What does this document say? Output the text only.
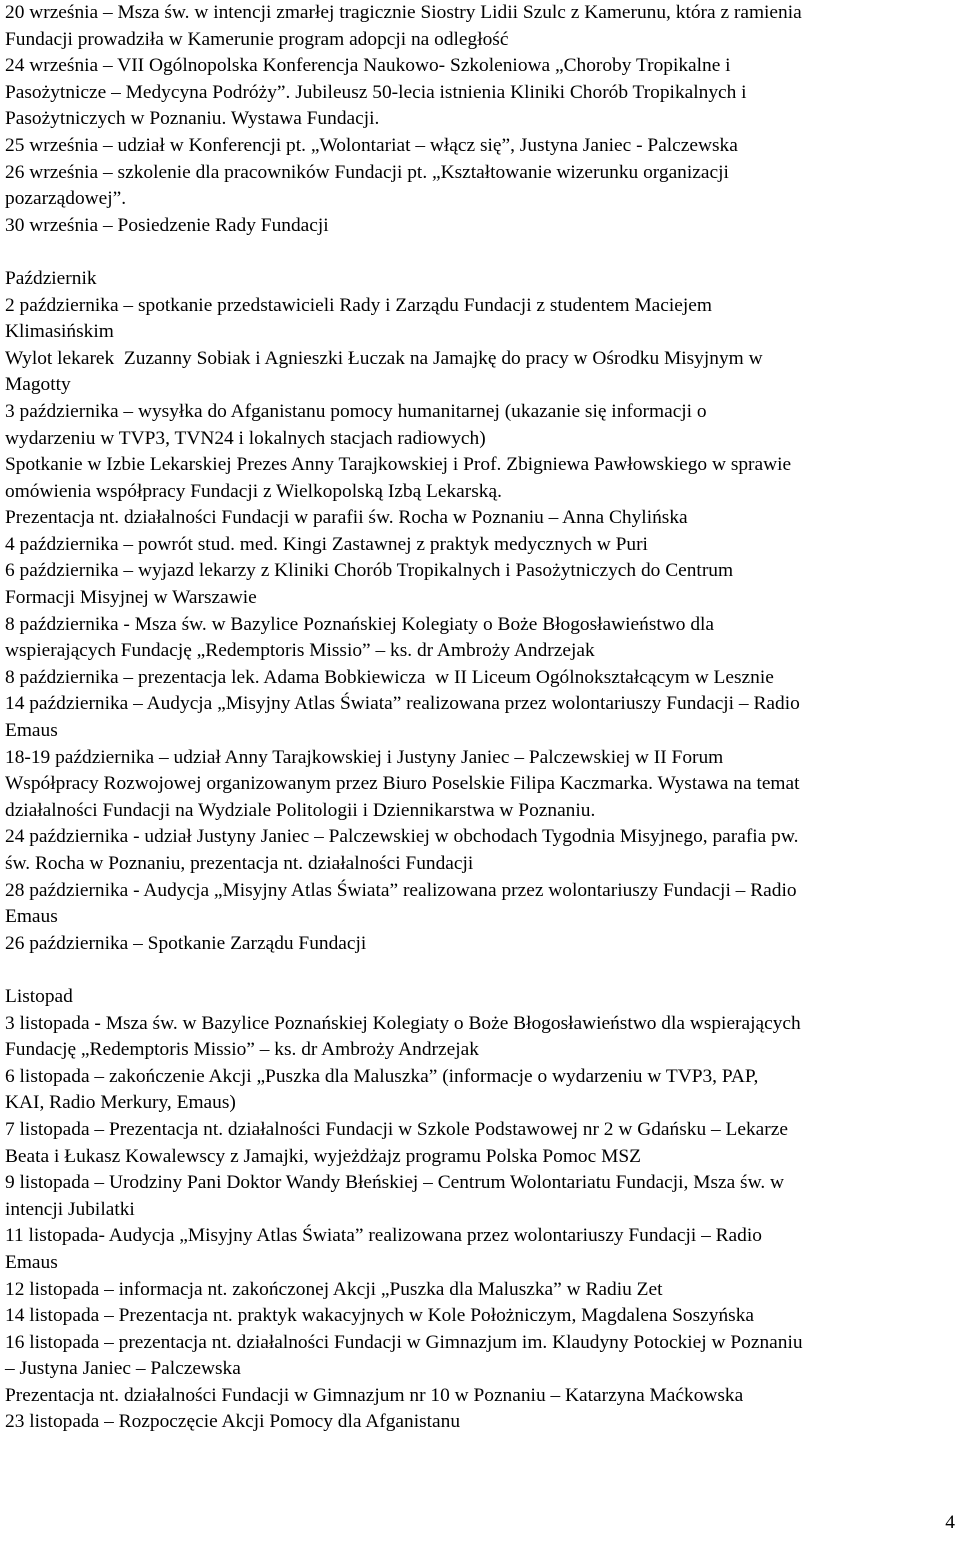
20 września – Msza św. w intencji zmarłej tragicznie Siostry Lidii Szulc z Kamerunu, która z ramienia
Fundacji prowadziła w Kamerunie program adopcji na odległość
24 września – VII Ogólnopolska Konferencja Naukowo- Szkoleniowa „Choroby Tropikalne i
Pasożytnicze – Medycyna Podróży”. Jubileusz 50-lecia istnienia Kliniki Chorób Tropikalnych i
Pasożytniczych w Poznaniu. Wystawa Fundacji.
25 września – udział w Konferencji pt. „Wolontariat – włącz się”, Justyna Janiec - Palczewska
26 września – szkolenie dla pracowników Fundacji pt. „Kształtowanie wizerunku organizacji
pozarządowej”.
30 września – Posiedzenie Rady Fundacji
Październik
2 października – spotkanie przedstawicieli Rady i Zarządu Fundacji z studentem Maciejem
Klimasińskim
Wylot lekarek  Zuzanny Sobiak i Agnieszki Łuczak na Jamajkę do pracy w Ośrodku Misyjnym w
Magotty
3 października – wysyłka do Afganistanu pomocy humanitarnej (ukazanie się informacji o
wydarzeniu w TVP3, TVN24 i lokalnych stacjach radiowych)
Spotkanie w Izbie Lekarskiej Prezes Anny Tarajkowskiej i Prof. Zbigniewa Pawłowskiego w sprawie
omówienia współpracy Fundacji z Wielkopolską Izbą Lekarską.
Prezentacja nt. działalności Fundacji w parafii św. Rocha w Poznaniu – Anna Chylińska
4 października – powrót stud. med. Kingi Zastawnej z praktyk medycznych w Puri
6 października – wyjazd lekarzy z Kliniki Chorób Tropikalnych i Pasożytniczych do Centrum
Formacji Misyjnej w Warszawie
8 października - Msza św. w Bazylice Poznańskiej Kolegiaty o Boże Błogosławieństwo dla
wspierających Fundację „Redemptoris Missio” – ks. dr Ambroży Andrzejak
8 października – prezentacja lek. Adama Bobkiewicza  w II Liceum Ogólnokształcącym w Lesznie
14 października – Audycja „Misyjny Atlas Świata” realizowana przez wolontariuszy Fundacji – Radio
Emaus
18-19 października – udział Anny Tarajkowskiej i Justyny Janiec – Palczewskiej w II Forum
Współpracy Rozwojowej organizowanym przez Biuro Poselskie Filipa Kaczmarka. Wystawa na temat
działalności Fundacji na Wydziale Politologii i Dziennikarstwa w Poznaniu.
24 października - udział Justyny Janiec – Palczewskiej w obchodach Tygodnia Misyjnego, parafia pw.
św. Rocha w Poznaniu, prezentacja nt. działalności Fundacji
28 października - Audycja „Misyjny Atlas Świata” realizowana przez wolontariuszy Fundacji – Radio
Emaus
26 października – Spotkanie Zarządu Fundacji
Listopad
3 listopada - Msza św. w Bazylice Poznańskiej Kolegiaty o Boże Błogosławieństwo dla wspierających
Fundację „Redemptoris Missio” – ks. dr Ambroży Andrzejak
6 listopada – zakończenie Akcji „Puszka dla Maluszka” (informacje o wydarzeniu w TVP3, PAP,
KAI, Radio Merkury, Emaus)
7 listopada – Prezentacja nt. działalności Fundacji w Szkole Podstawowej nr 2 w Gdańsku – Lekarze
Beata i Łukasz Kowalewscy z Jamajki, wyjeżdżajz programu Polska Pomoc MSZ
9 listopada – Urodziny Pani Doktor Wandy Błeńskiej – Centrum Wolontariatu Fundacji, Msza św. w
intencji Jubilatki
11 listopada- Audycja „Misyjny Atlas Świata” realizowana przez wolontariuszy Fundacji – Radio
Emaus
12 listopada – informacja nt. zakończonej Akcji „Puszka dla Maluszka” w Radiu Zet
14 listopada – Prezentacja nt. praktyk wakacyjnych w Kole Położniczym, Magdalena Soszyńska
16 listopada – prezentacja nt. działalności Fundacji w Gimnazjum im. Klaudyny Potockiej w Poznaniu
– Justyna Janiec – Palczewska
Prezentacja nt. działalności Fundacji w Gimnazjum nr 10 w Poznaniu – Katarzyna Maćkowska
23 listopada – Rozpoczęcie Akcji Pomocy dla Afganistanu
4
